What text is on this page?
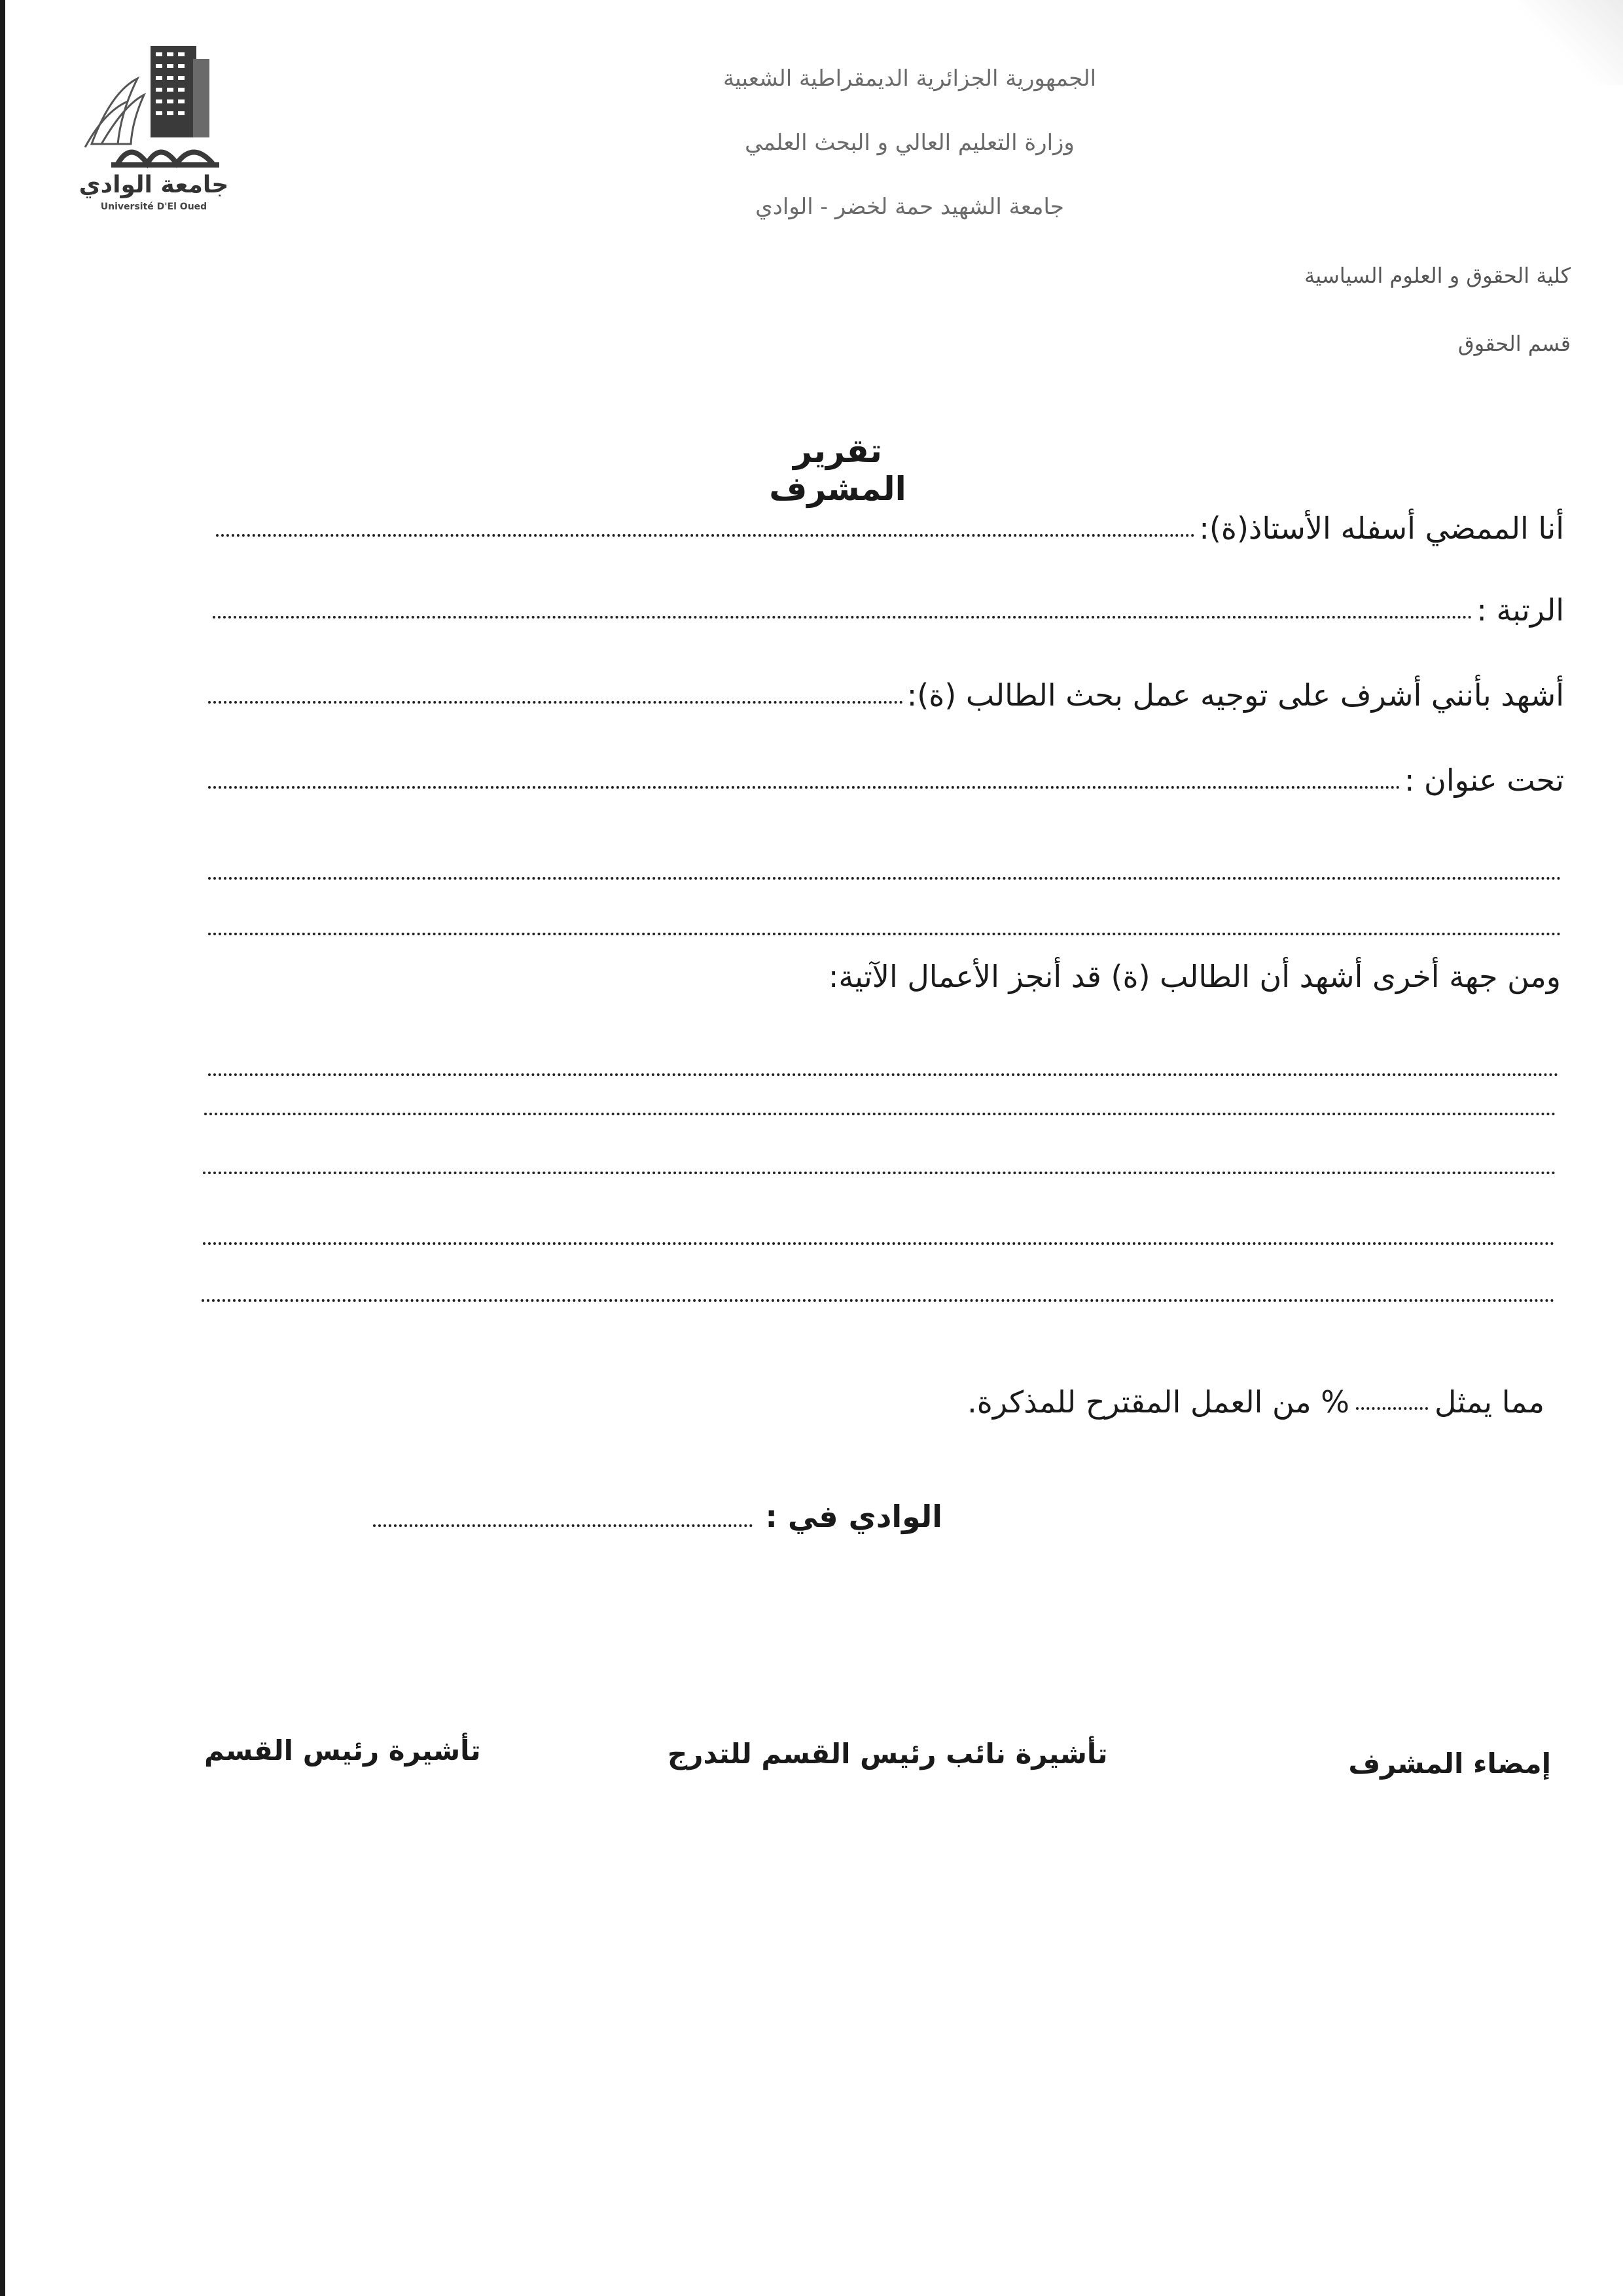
جامعة الوادي
Université D'El Oued
الجمهورية الجزائرية الديمقراطية الشعبية
وزارة التعليم العالي و البحث العلمي
جامعة الشهيد حمة لخضر - الوادي
كلية الحقوق و العلوم السياسية
قسم الحقوق
تقرير المشرف
أنا الممضي أسفله الأستاذ(ة):
الرتبة :
أشهد بأنني أشرف على توجيه عمل بحث الطالب (ة):
تحت عنوان :
ومن جهة أخرى أشهد أن الطالب (ة) قد أنجز الأعمال الآتية:
مما يمثل% من العمل المقترح للمذكرة.
الوادي في :
إمضاء المشرف
تأشيرة نائب رئيس القسم للتدرج
تأشيرة رئيس القسم
